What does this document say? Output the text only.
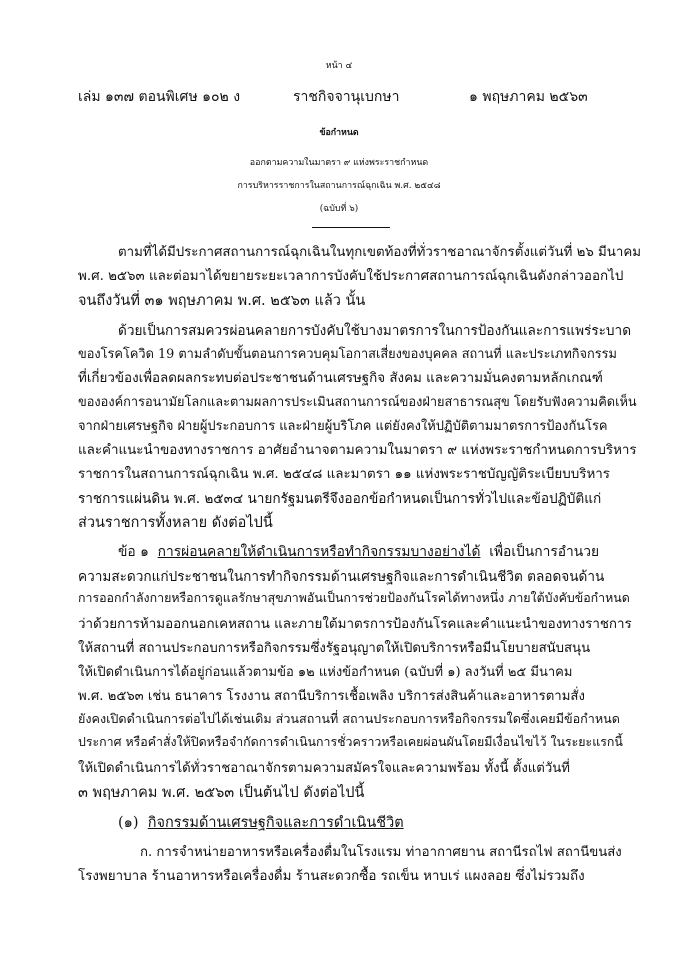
หน้า ๔
เล่ม ๑๓๗ ตอนพิเศษ ๑๐๒ ง	ราชกิจจานุเบกษา	๑ พฤษภาคม ๒๕๖๓
ข้อกำหนด
ออกตามความในมาตรา ๙ แห่งพระราชกำหนด
การบริหารราชการในสถานการณ์ฉุกเฉิน พ.ศ. ๒๕๔๘
(ฉบับที่ ๖)
ตามที่ได้มีประกาศสถานการณ์ฉุกเฉินในทุกเขตท้องที่ทั่วราชอาณาจักรตั้งแต่วันที่ ๒๖ มีนาคม
พ.ศ. ๒๕๖๓ และต่อมาได้ขยายระยะเวลาการบังคับใช้ประกาศสถานการณ์ฉุกเฉินดังกล่าวออกไป
จนถึงวันที่ ๓๑ พฤษภาคม พ.ศ. ๒๕๖๓ แล้ว นั้น
ด้วยเป็นการสมควรผ่อนคลายการบังคับใช้บางมาตรการในการป้องกันและการแพร่ระบาด
ของโรคโควิด 19 ตามลำดับขั้นตอนการควบคุมโอกาสเสี่ยงของบุคคล สถานที่ และประเภทกิจกรรม
ที่เกี่ยวข้องเพื่อลดผลกระทบต่อประชาชนด้านเศรษฐกิจ สังคม และความมั่นคงตามหลักเกณฑ์
ขององค์การอนามัยโลกและตามผลการประเมินสถานการณ์ของฝ่ายสาธารณสุข โดยรับฟังความคิดเห็น
จากฝ่ายเศรษฐกิจ ฝ่ายผู้ประกอบการ และฝ่ายผู้บริโภค แต่ยังคงให้ปฏิบัติตามมาตรการป้องกันโรค
และคำแนะนำของทางราชการ อาศัยอำนาจตามความในมาตรา ๙ แห่งพระราชกำหนดการบริหาร
ราชการในสถานการณ์ฉุกเฉิน พ.ศ. ๒๕๔๘ และมาตรา ๑๑ แห่งพระราชบัญญัติระเบียบบริหาร
ราชการแผ่นดิน พ.ศ. ๒๕๓๔ นายกรัฐมนตรีจึงออกข้อกำหนดเป็นการทั่วไปและข้อปฏิบัติแก่
ส่วนราชการทั้งหลาย ดังต่อไปนี้
ข้อ ๑ การผ่อนคลายให้ดำเนินการหรือทำกิจกรรมบางอย่างได้ เพื่อเป็นการอำนวย
ความสะดวกแก่ประชาชนในการทำกิจกรรมด้านเศรษฐกิจและการดำเนินชีวิต ตลอดจนด้าน
การออกกำลังกายหรือการดูแลรักษาสุขภาพอันเป็นการช่วยป้องกันโรคได้ทางหนึ่ง ภายใต้บังคับข้อกำหนด
ว่าด้วยการห้ามออกนอกเคหสถาน และภายใต้มาตรการป้องกันโรคและคำแนะนำของทางราชการ
ให้สถานที่ สถานประกอบการหรือกิจกรรมซึ่งรัฐอนุญาตให้เปิดบริการหรือมีนโยบายสนับสนุน
ให้เปิดดำเนินการได้อยู่ก่อนแล้วตามข้อ ๑๒ แห่งข้อกำหนด (ฉบับที่ ๑) ลงวันที่ ๒๕ มีนาคม
พ.ศ. ๒๕๖๓ เช่น ธนาคาร โรงงาน สถานีบริการเชื้อเพลิง บริการส่งสินค้าและอาหารตามสั่ง
ยังคงเปิดดำเนินการต่อไปได้เช่นเดิม ส่วนสถานที่ สถานประกอบการหรือกิจกรรมใดซึ่งเคยมีข้อกำหนด
ประกาศ หรือคำสั่งให้ปิดหรือจำกัดการดำเนินการชั่วคราวหรือเคยผ่อนผันโดยมีเงื่อนไขไว้ ในระยะแรกนี้
ให้เปิดดำเนินการได้ทั่วราชอาณาจักรตามความสมัครใจและความพร้อม ทั้งนี้ ตั้งแต่วันที่
๓ พฤษภาคม พ.ศ. ๒๕๖๓ เป็นต้นไป ดังต่อไปนี้
(๑) กิจกรรมด้านเศรษฐกิจและการดำเนินชีวิต
ก. การจำหน่ายอาหารหรือเครื่องดื่มในโรงแรม ท่าอากาศยาน สถานีรถไฟ สถานีขนส่ง
โรงพยาบาล ร้านอาหารหรือเครื่องดื่ม ร้านสะดวกซื้อ รถเข็น หาบเร่ แผงลอย ซึ่งไม่รวมถึง
